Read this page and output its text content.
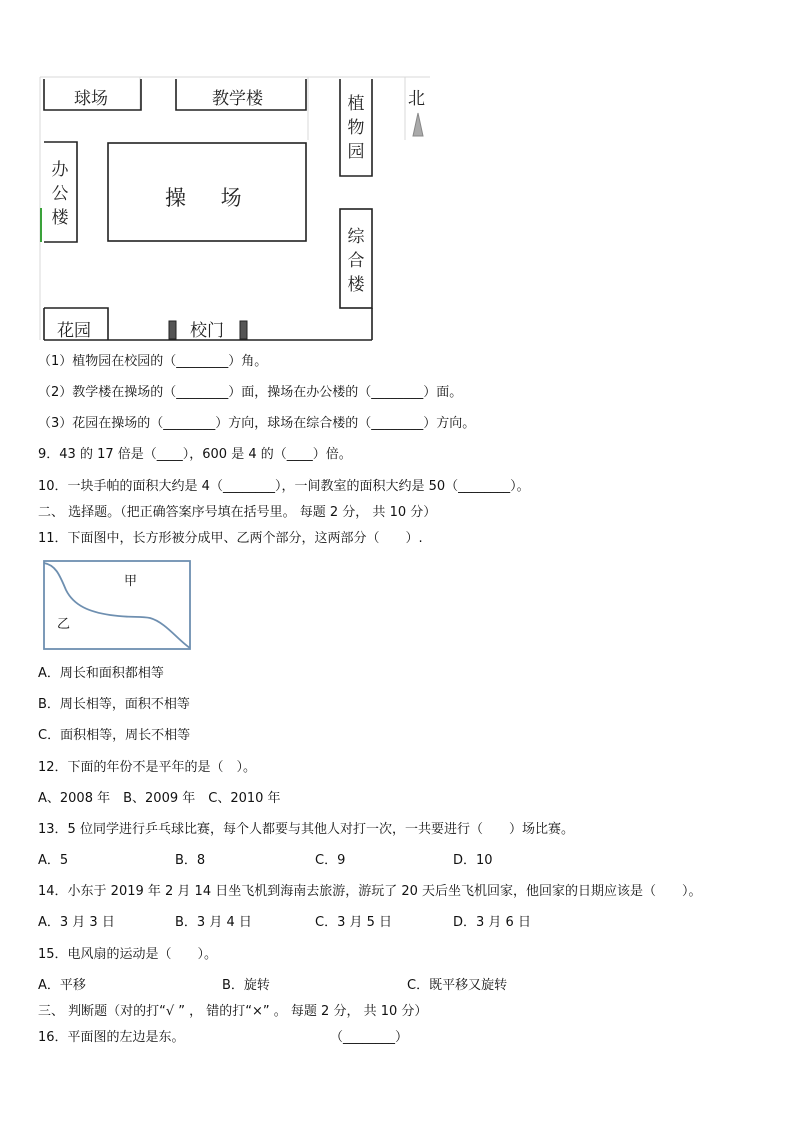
球场	教学楼	植物园
北
办公楼
操 场
综合楼
花园	校门
（1）植物园在校园的（________）角。
（2）教学楼在操场的（________）面，操场在办公楼的（________）面。
（3）花园在操场的（________）方向，球场在综合楼的（________）方向。
9．43 的 17 倍是（____），600 是 4 的（____）倍。
10．一块手帕的面积大约是 4（________），一间教室的面积大约是 50（________）。
二、 选择题。（把正确答案序号填在括号里。 每题 2 分， 共 10 分）
11．下面图中，长方形被分成甲、乙两个部分，这两部分（　　）.
甲
乙
A．周长和面积都相等
B．周长相等，面积不相等
C．面积相等，周长不相等
12．下面的年份不是平年的是（　）。
A、2008 年　B、2009 年　C、2010 年
13．5 位同学进行乒乓球比赛，每个人都要与其他人对打一次，一共要进行（　　）场比赛。
A．5	B．8	C．9	D．10
14．小东于 2019 年 2 月 14 日坐飞机到海南去旅游，游玩了 20 天后坐飞机回家，他回家的日期应该是（　　）。
A．3 月 3 日	B．3 月 4 日	C．3 月 5 日	D．3 月 6 日
15．电风扇的运动是（　　）。
A．平移	B．旋转	C．既平移又旋转
三、 判断题（对的打“√ ” ， 错的打“×” 。 每题 2 分， 共 10 分）
16．平面图的左边是东。	（________）
